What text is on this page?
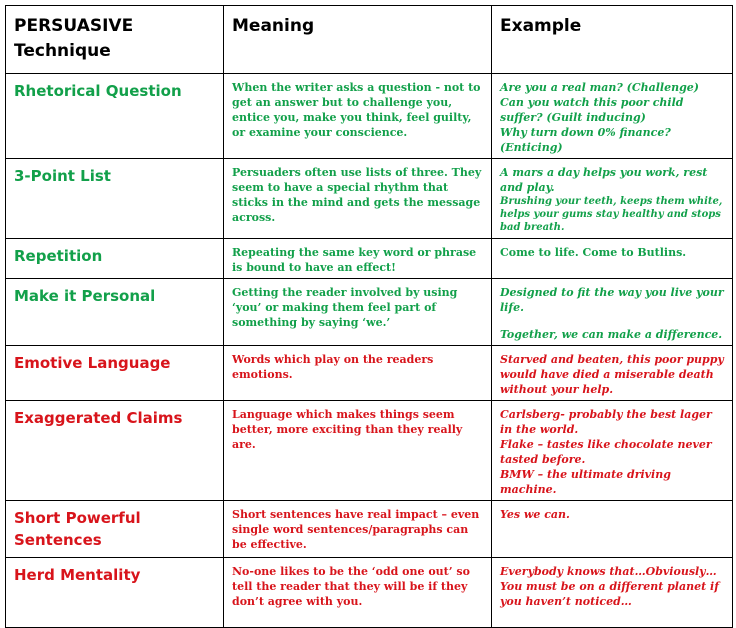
PERSUASIVE
Technique	Meaning	Example
Rhetorical Question	When the writer asks a question - not to get an answer but to challenge you, entice you, make you think, feel guilty, or examine your conscience.	Are you a real man? (Challenge)
Can you watch this poor child suffer? (Guilt inducing)
Why turn down 0% finance? (Enticing)

3-Point List	Persuaders often use lists of three. They seem to have a special rhythm that sticks in the mind and gets the message across.	A mars a day helps you work, rest and play.
Brushing your teeth, keeps them white, helps your gums stay healthy and stops bad breath.

Repetition	Repeating the same key word or phrase is bound to have an effect!	Come to life. Come to Butlins.

Make it Personal	Getting the reader involved by using ‘you’ or making them feel part of something by saying ‘we.’	Designed to fit the way you live your life.
Together, we can make a difference.

Emotive Language	Words which play on the readers emotions.	Starved and beaten, this poor puppy would have died a miserable death without your help.

Exaggerated Claims	Language which makes things seem better, more exciting than they really are.	Carlsberg- probably the best lager in the world.
Flake – tastes like chocolate never tasted before.
BMW – the ultimate driving machine.

Short Powerful Sentences	Short sentences have real impact – even single word sentences/paragraphs can be effective.	Yes we can.

Herd Mentality	No-one likes to be the ‘odd one out’ so tell the reader that they will be if they don’t agree with you.	Everybody knows that…Obviously…You must be on a different planet if you haven’t noticed…
